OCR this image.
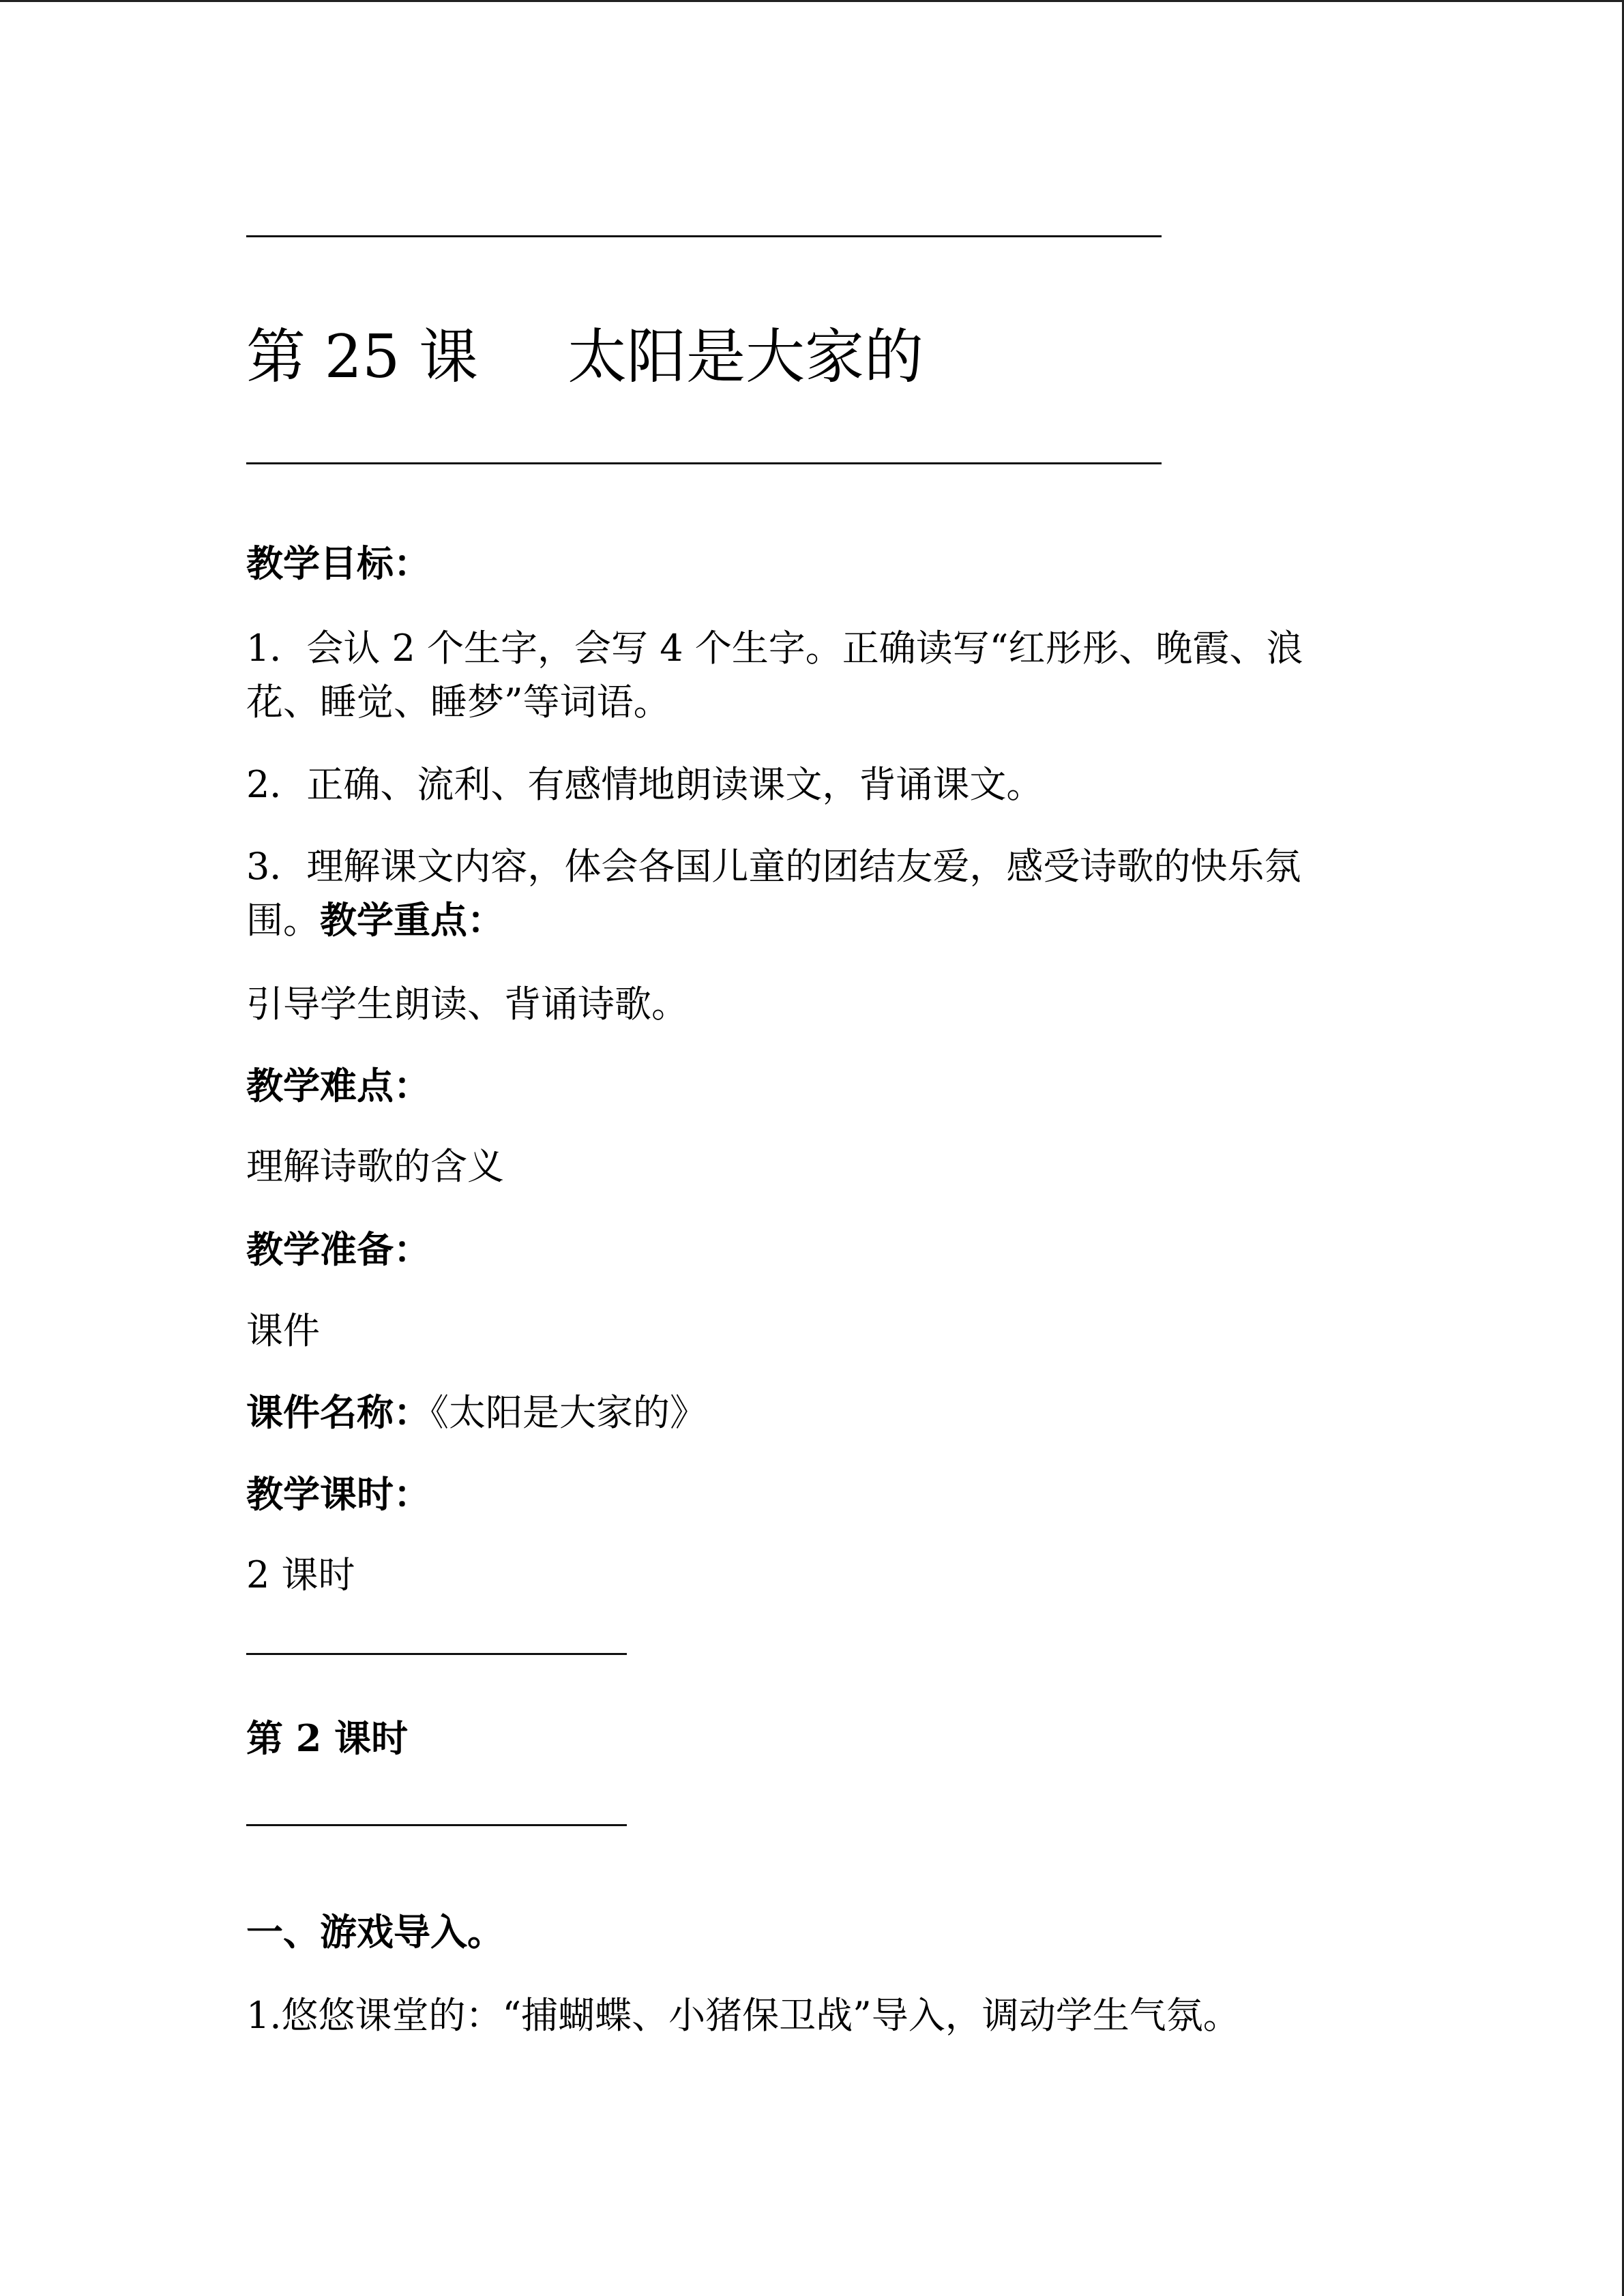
第 25 课 太阳是大家的
教学目标：
1．会认 2 个生字，会写 4 个生字。正确读写“红彤彤、晚霞、浪
花、睡觉、睡梦”等词语。
2．正确、流利、有感情地朗读课文，背诵课文。
3．理解课文内容，体会各国儿童的团结友爱，感受诗歌的快乐氛
围。教学重点：
引导学生朗读、背诵诗歌。
教学难点：
理解诗歌的含义
教学准备：
课件
课件名称：《太阳是大家的》
教学课时：
2 课时
第 2 课时
一、游戏导入。
1.悠悠课堂的：“捕蝴蝶、小猪保卫战”导入，调动学生气氛。
